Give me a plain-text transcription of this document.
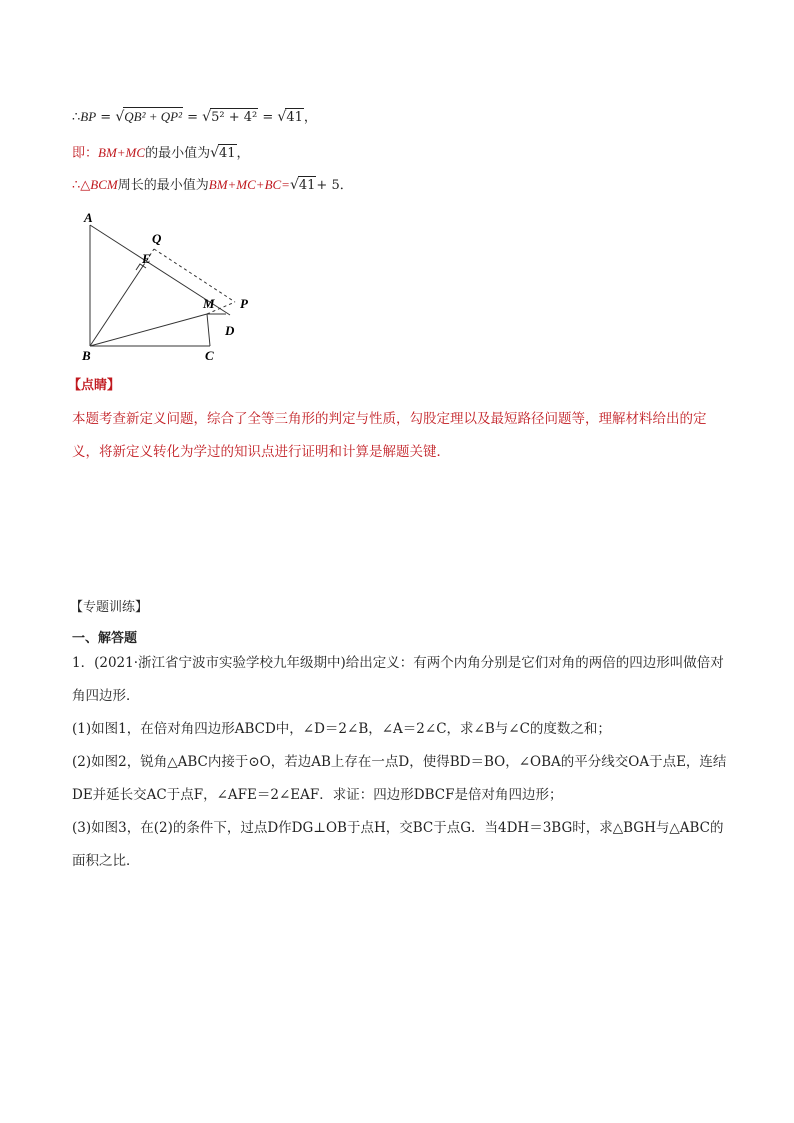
∴BP = √QB² + QP² = √5² + 4² = √41，
即：BM+MC的最小值为√41，
∴△BCM周长的最小值为BM+MC+BC=√41+ 5．
A
Q
E
M P
D
B	C
【点睛】
本题考查新定义问题，综合了全等三角形的判定与性质，勾股定理以及最短路径问题等，理解材料给出的定义，将新定义转化为学过的知识点进行证明和计算是解题关键．
【专题训练】
一、解答题
1．(2021·浙江省宁波市实验学校九年级期中)给出定义：有两个内角分别是它们对角的两倍的四边形叫做倍对角四边形．
(1)如图1，在倍对角四边形ABCD中，∠D＝2∠B，∠A＝2∠C，求∠B与∠C的度数之和；
(2)如图2，锐角△ABC内接于⊙O，若边AB上存在一点D，使得BD＝BO，∠OBA的平分线交OA于点E，连结DE并延长交AC于点F，∠AFE＝2∠EAF．求证：四边形DBCF是倍对角四边形；
(3)如图3，在(2)的条件下，过点D作DG⊥OB于点H，交BC于点G．当4DH＝3BG时，求△BGH与△ABC的面积之比．
